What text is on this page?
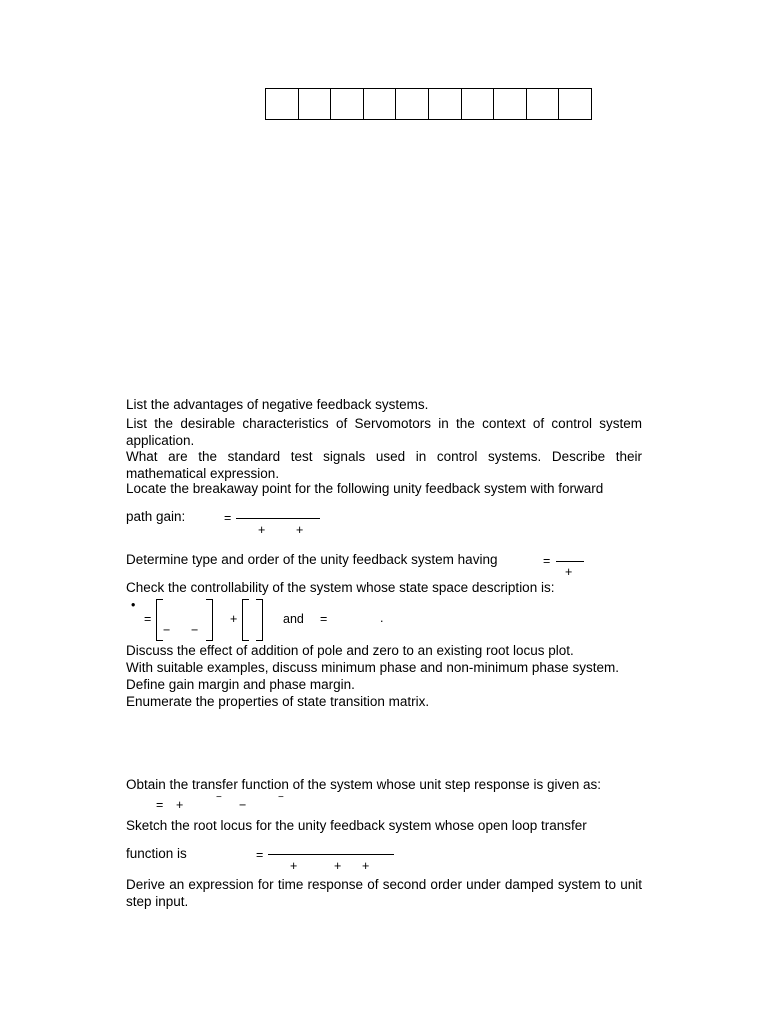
List the advantages of negative feedback systems.
List the desirable characteristics of Servomotors in the context of control system application.
What are the standard test signals used in control systems. Describe their mathematical expression.
Locate the breakaway point for the following unity feedback system with forward
path gain:	=
+ +
Determine type and order of the unity feedback system having	=
+
Check the controllability of the system whose state space description is:
•
=
− −
+	and =	.
Discuss the effect of addition of pole and zero to an existing root locus plot.
With suitable examples, discuss minimum phase and non-minimum phase system.
Define gain margin and phase margin.
Enumerate the properties of state transition matrix.
Obtain the transfer function of the system whose unit step response is given as:
= +
−
−
−
Sketch the root locus for the unity feedback system whose open loop transfer
function is	=
+	+ +
Derive an expression for time response of second order under damped system to unit step input.
